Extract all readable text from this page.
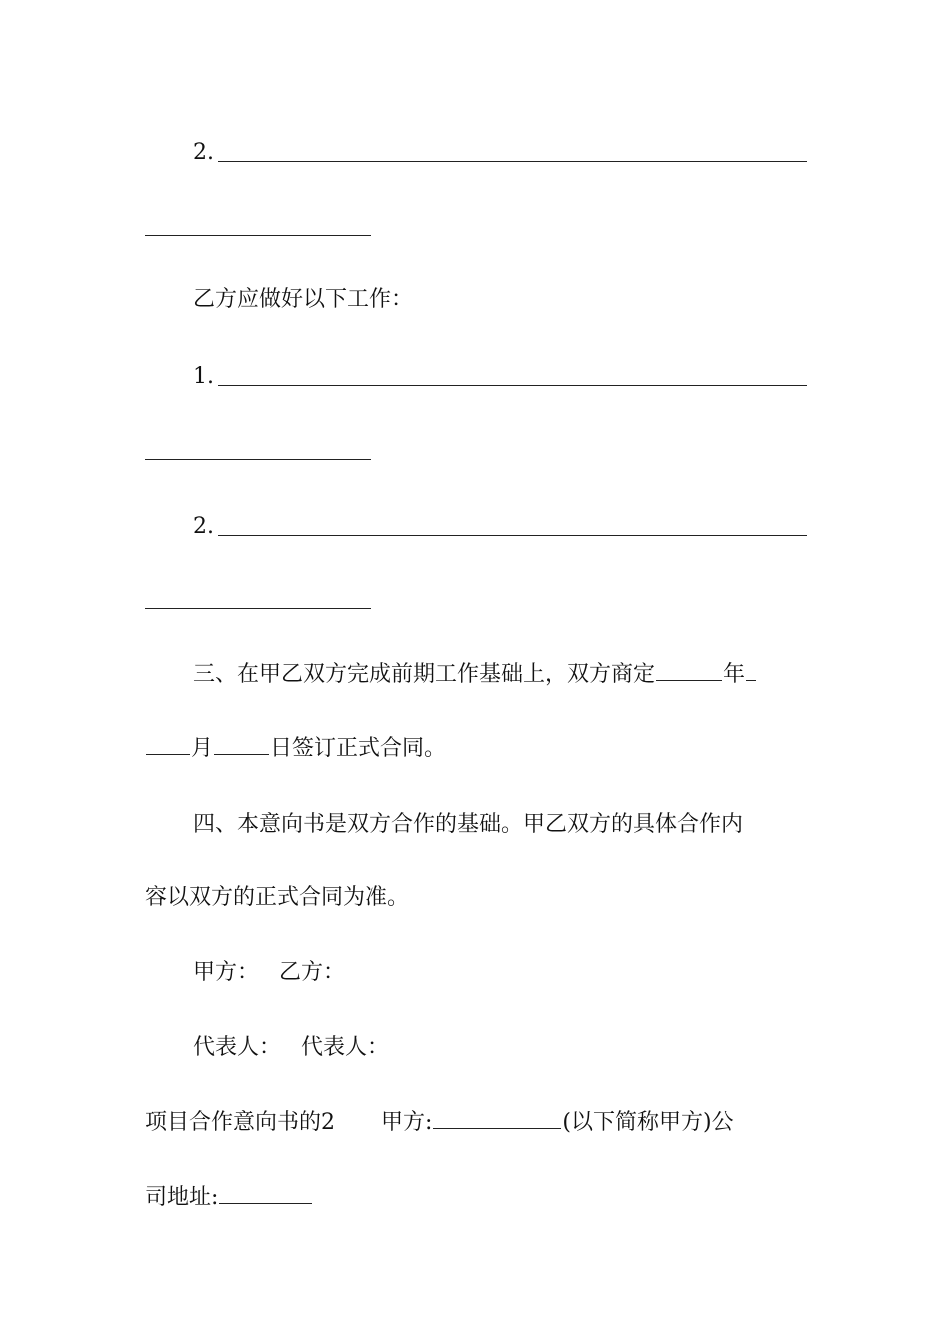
2.
乙方应做好以下工作：
1.
2.
三、在甲乙双方完成前期工作基础上，双方商定	年
月	日签订正式合同。
四、本意向书是双方合作的基础。甲乙双方的具体合作内
容以双方的正式合同为准。
甲方： 乙方：
代表人： 代表人：
项目合作意向书的2 甲方:	(以下简称甲方)公
司地址:
